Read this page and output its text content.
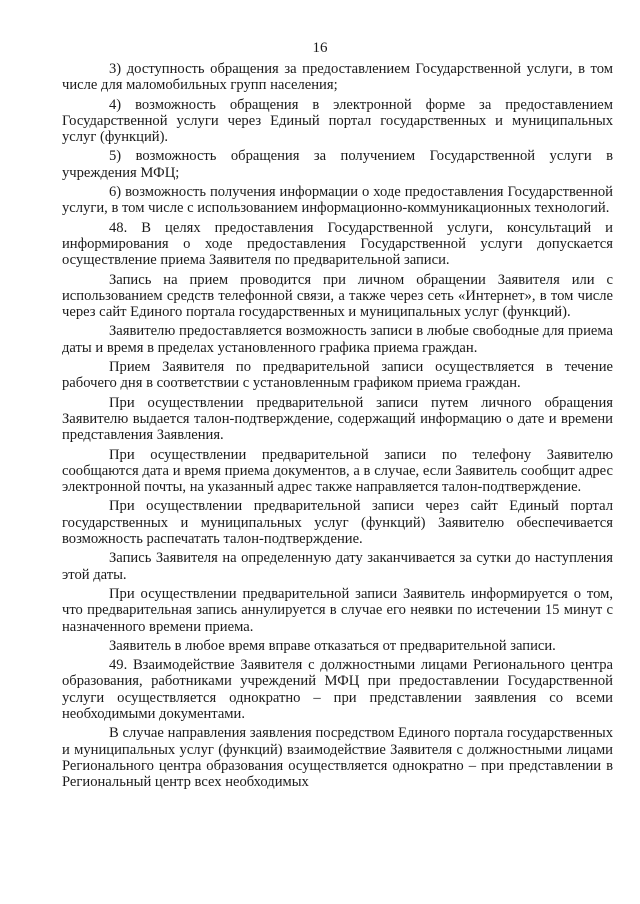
16

3) доступность обращения за предоставлением Государственной услуги, в том числе для маломобильных групп населения;

4) возможность обращения в электронной форме за предоставлением Государственной услуги через Единый портал государственных и муниципальных услуг (функций).

5) возможность обращения за получением Государственной услуги в учреждения МФЦ;

6) возможность получения информации о ходе предоставления Государственной услуги, в том числе с использованием информационно-коммуникационных технологий.

48. В целях предоставления Государственной услуги, консультаций и информирования о ходе предоставления Государственной услуги допускается осуществление приема Заявителя по предварительной записи.

Запись на прием проводится при личном обращении Заявителя или с использованием средств телефонной связи, а также через сеть «Интернет», в том числе через сайт Единого портала государственных и муниципальных услуг (функций).

Заявителю предоставляется возможность записи в любые свободные для приема даты и время в пределах установленного графика приема граждан.

Прием Заявителя по предварительной записи осуществляется в течение рабочего дня в соответствии с установленным графиком приема граждан.

При осуществлении предварительной записи путем личного обращения Заявителю выдается талон-подтверждение, содержащий информацию о дате и времени представления Заявления.

При осуществлении предварительной записи по телефону Заявителю сообщаются дата и время приема документов, а в случае, если Заявитель сообщит адрес электронной почты, на указанный адрес также направляется талон-подтверждение.

При осуществлении предварительной записи через сайт Единый портал государственных и муниципальных услуг (функций) Заявителю обеспечивается возможность распечатать талон-подтверждение.

Запись Заявителя на определенную дату заканчивается за сутки до наступления этой даты.

При осуществлении предварительной записи Заявитель информируется о том, что предварительная запись аннулируется в случае его неявки по истечении 15 минут с назначенного времени приема.

Заявитель в любое время вправе отказаться от предварительной записи.

49. Взаимодействие Заявителя с должностными лицами Регионального центра образования, работниками учреждений МФЦ при предоставлении Государственной услуги осуществляется однократно – при представлении заявления со всеми необходимыми документами.

В случае направления заявления посредством Единого портала государственных и муниципальных услуг (функций) взаимодействие Заявителя с должностными лицами Регионального центра образования осуществляется однократно – при представлении в Региональный центр всех необходимых
